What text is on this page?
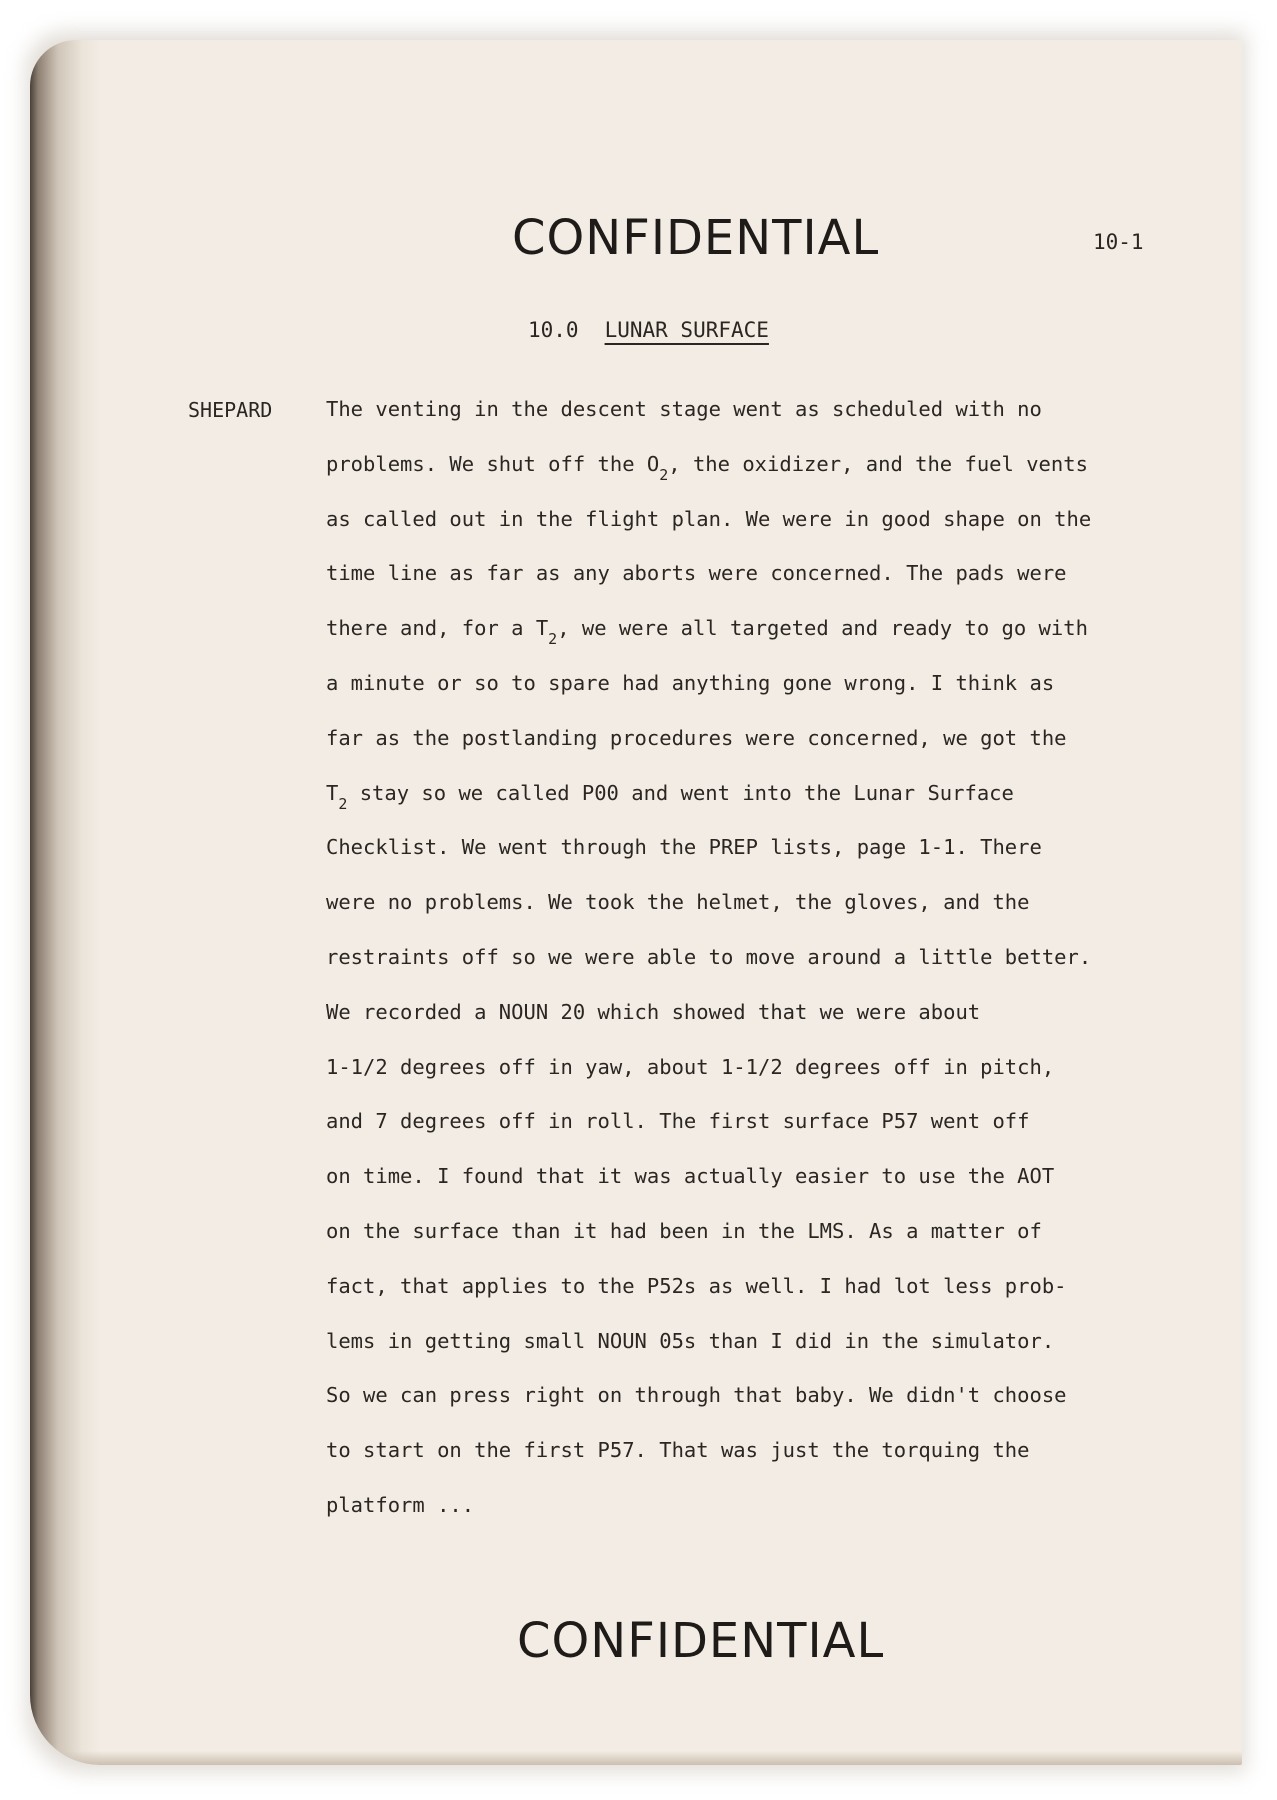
CONFIDENTIAL	10-1
10.0 LUNAR SURFACE
SHEPARD	The venting in the descent stage went as scheduled with no
problems. We shut off the $O_2$, the oxidizer, and the fuel vents
as called out in the flight plan. We were in good shape on the
time line as far as any aborts were concerned. The pads were
there and, for a $T_2$, we were all targeted and ready to go with
a minute or so to spare had anything gone wrong. I think as
far as the postlanding procedures were concerned, we got the
$T_2$ stay so we called P00 and went into the Lunar Surface
Checklist. We went through the PREP lists, page 1-1. There
were no problems. We took the helmet, the gloves, and the
restraints off so we were able to move around a little better.
We recorded a NOUN 20 which showed that we were about
1-1/2 degrees off in yaw, about 1-1/2 degrees off in pitch,
and 7 degrees off in roll. The first surface P57 went off
on time. I found that it was actually easier to use the AOT
on the surface than it had been in the LMS. As a matter of
fact, that applies to the P52s as well. I had lot less prob-
lems in getting small NOUN 05s than I did in the simulator.
So we can press right on through that baby. We didn't choose
to start on the first P57. That was just the torquing the
platform ...
CONFIDENTIAL
